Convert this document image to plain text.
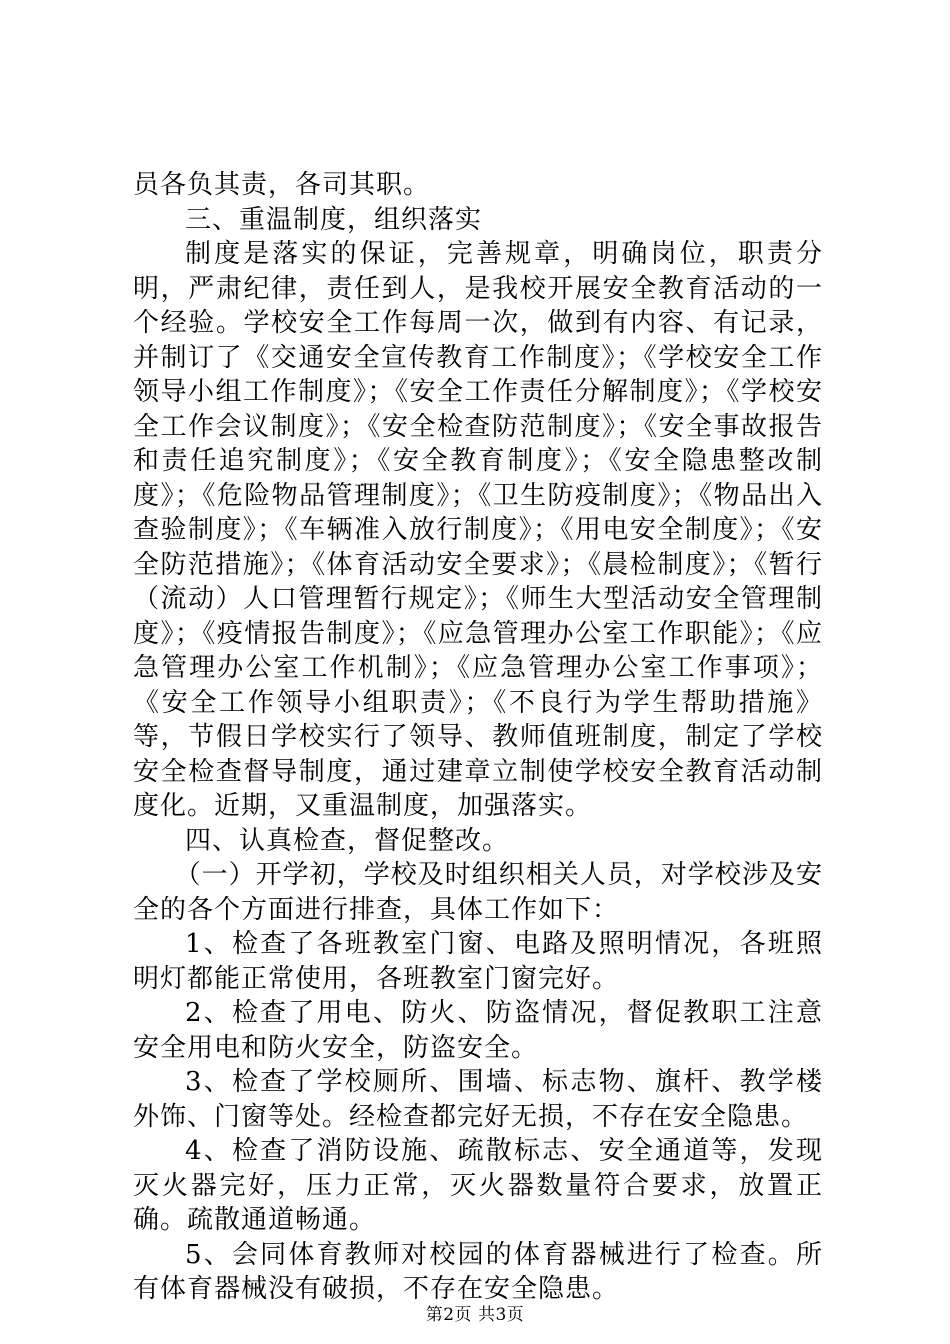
员各负其责，各司其职。

三、重温制度，组织落实

制度是落实的保证，完善规章，明确岗位，职责分明，严肃纪律，责任到人，是我校开展安全教育活动的一个经验。学校安全工作每周一次，做到有内容、有记录，并制订了《交通安全宣传教育工作制度》；《学校安全工作领导小组工作制度》；《安全工作责任分解制度》；《学校安全工作会议制度》；《安全检查防范制度》；《安全事故报告和责任追究制度》；《安全教育制度》；《安全隐患整改制度》；《危险物品管理制度》；《卫生防疫制度》；《物品出入查验制度》；《车辆准入放行制度》；《用电安全制度》；《安全防范措施》；《体育活动安全要求》；《晨检制度》；《暂行（流动）人口管理暂行规定》；《师生大型活动安全管理制度》；《疫情报告制度》；《应急管理办公室工作职能》；《应急管理办公室工作机制》；《应急管理办公室工作事项》；《安全工作领导小组职责》；《不良行为学生帮助措施》等，节假日学校实行了领导、教师值班制度，制定了学校安全检查督导制度，通过建章立制使学校安全教育活动制度化。近期，又重温制度，加强落实。

四、认真检查，督促整改。

（一）开学初，学校及时组织相关人员，对学校涉及安全的各个方面进行排查，具体工作如下：

1、检查了各班教室门窗、电路及照明情况，各班照明灯都能正常使用，各班教室门窗完好。

2、检查了用电、防火、防盗情况，督促教职工注意安全用电和防火安全，防盗安全。

3、检查了学校厕所、围墙、标志物、旗杆、教学楼外饰、门窗等处。经检查都完好无损，不存在安全隐患。

4、检查了消防设施、疏散标志、安全通道等，发现灭火器完好，压力正常，灭火器数量符合要求，放置正确。疏散通道畅通。

5、会同体育教师对校园的体育器械进行了检查。所有体育器械没有破损，不存在安全隐患。

第2页 共3页
